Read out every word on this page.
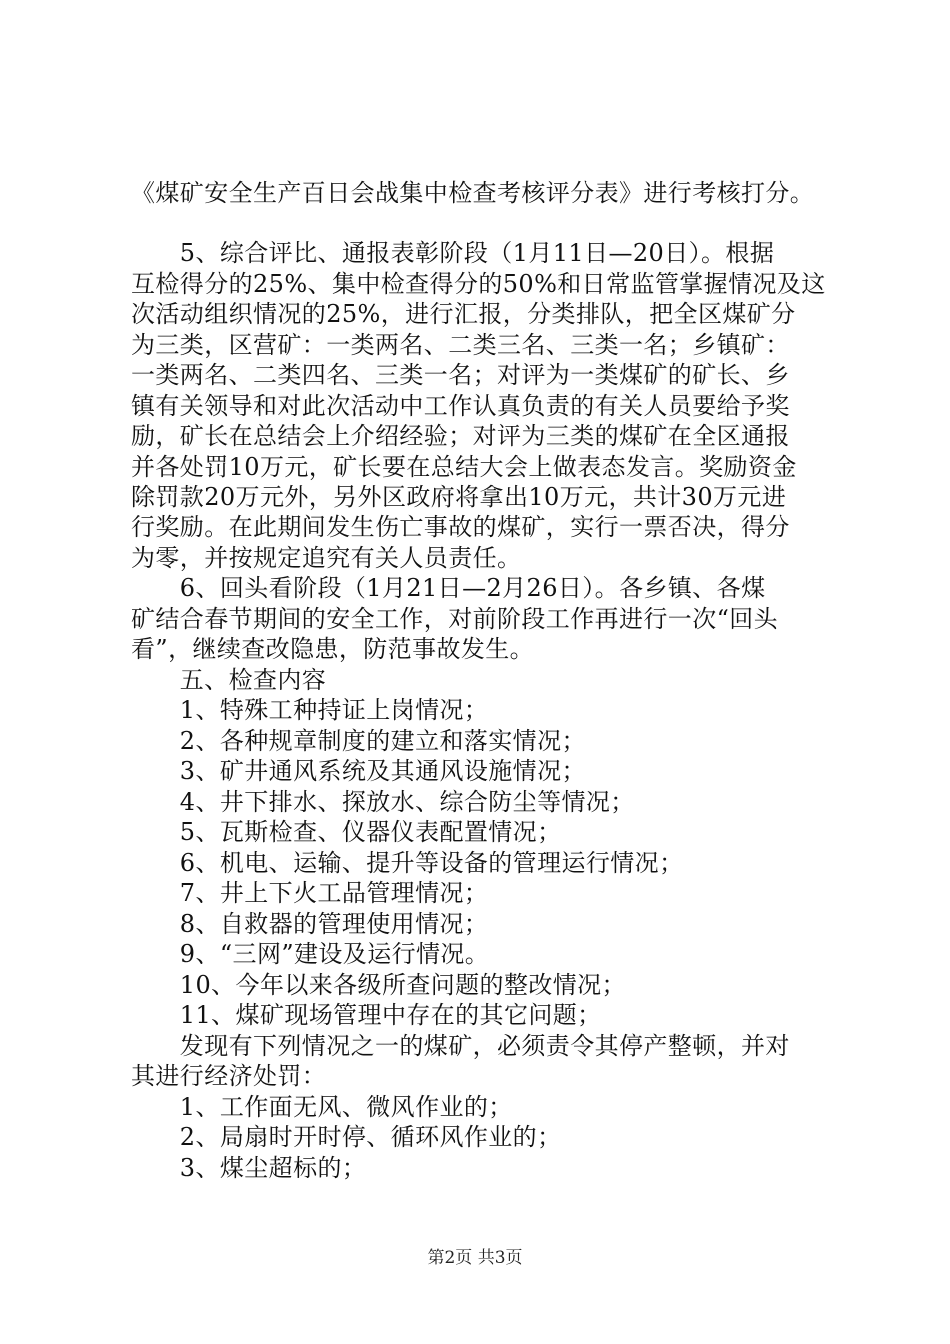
《煤矿安全生产百日会战集中检查考核评分表》进行考核打分。
　　5、综合评比、通报表彰阶段（1月11日—20日）。根据
互检得分的25%、集中检查得分的50%和日常监管掌握情况及这
次活动组织情况的25%，进行汇报，分类排队，把全区煤矿分
为三类，区营矿：一类两名、二类三名、三类一名；乡镇矿：
一类两名、二类四名、三类一名；对评为一类煤矿的矿长、乡
镇有关领导和对此次活动中工作认真负责的有关人员要给予奖
励，矿长在总结会上介绍经验；对评为三类的煤矿在全区通报
并各处罚10万元，矿长要在总结大会上做表态发言。奖励资金
除罚款20万元外，另外区政府将拿出10万元，共计30万元进
行奖励。在此期间发生伤亡事故的煤矿，实行一票否决，得分
为零，并按规定追究有关人员责任。
　　6、回头看阶段（1月21日—2月26日）。各乡镇、各煤
矿结合春节期间的安全工作，对前阶段工作再进行一次“回头
看”，继续查改隐患，防范事故发生。
　　五、检查内容
　　1、特殊工种持证上岗情况；
　　2、各种规章制度的建立和落实情况；
　　3、矿井通风系统及其通风设施情况；
　　4、井下排水、探放水、综合防尘等情况；
　　5、瓦斯检查、仪器仪表配置情况；
　　6、机电、运输、提升等设备的管理运行情况；
　　7、井上下火工品管理情况；
　　8、自救器的管理使用情况；
　　9、“三网”建设及运行情况。
　　10、今年以来各级所查问题的整改情况；
　　11、煤矿现场管理中存在的其它问题；
　　发现有下列情况之一的煤矿，必须责令其停产整顿，并对
其进行经济处罚：
　　1、工作面无风、微风作业的；
　　2、局扇时开时停、循环风作业的；
　　3、煤尘超标的；
第2页 共3页
